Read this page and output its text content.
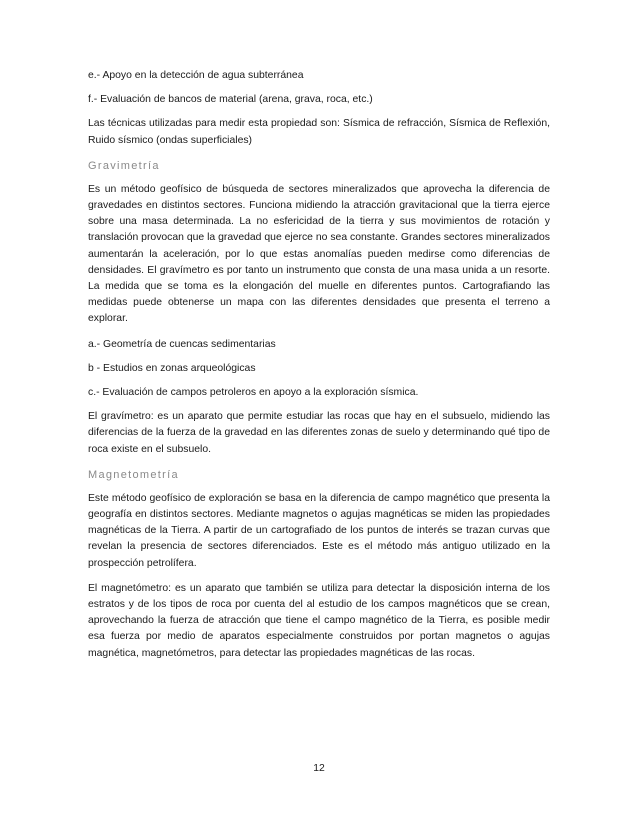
e.- Apoyo en la detección de agua subterránea

f.- Evaluación de bancos de material (arena, grava, roca, etc.)

Las técnicas utilizadas para medir esta propiedad son: Sísmica de refracción, Sísmica de Reflexión, Ruido sísmico (ondas superficiales)

Gravimetría

Es un método geofísico de búsqueda de sectores mineralizados que aprovecha la diferencia de gravedades en distintos sectores. Funciona midiendo la atracción gravitacional que la tierra ejerce sobre una masa determinada. La no esfericidad de la tierra y sus movimientos de rotación y translación provocan que la gravedad que ejerce no sea constante. Grandes sectores mineralizados aumentarán la aceleración, por lo que estas anomalías pueden medirse como diferencias de densidades. El gravímetro es por tanto un instrumento que consta de una masa unida a un resorte. La medida que se toma es la elongación del muelle en diferentes puntos. Cartografiando las medidas puede obtenerse un mapa con las diferentes densidades que presenta el terreno a explorar.

a.- Geometría de cuencas sedimentarias

b - Estudios en zonas arqueológicas

c.- Evaluación de campos petroleros en apoyo a la exploración sísmica.

El gravímetro: es un aparato que permite estudiar las rocas que hay en el subsuelo, midiendo las diferencias de la fuerza de la gravedad en las diferentes zonas de suelo y determinando qué tipo de roca existe en el subsuelo.

Magnetometría

Este método geofísico de exploración se basa en la diferencia de campo magnético que presenta la geografía en distintos sectores. Mediante magnetos o agujas magnéticas se miden las propiedades magnéticas de la Tierra. A partir de un cartografiado de los puntos de interés se trazan curvas que revelan la presencia de sectores diferenciados. Este es el método más antiguo utilizado en la prospección petrolífera.

El magnetómetro: es un aparato que también se utiliza para detectar la disposición interna de los estratos y de los tipos de roca por cuenta del al estudio de los campos magnéticos que se crean, aprovechando la fuerza de atracción que tiene el campo magnético de la Tierra, es posible medir esa fuerza por medio de aparatos especialmente construidos por portan magnetos o agujas magnética, magnetómetros, para detectar las propiedades magnéticas de las rocas.

12
